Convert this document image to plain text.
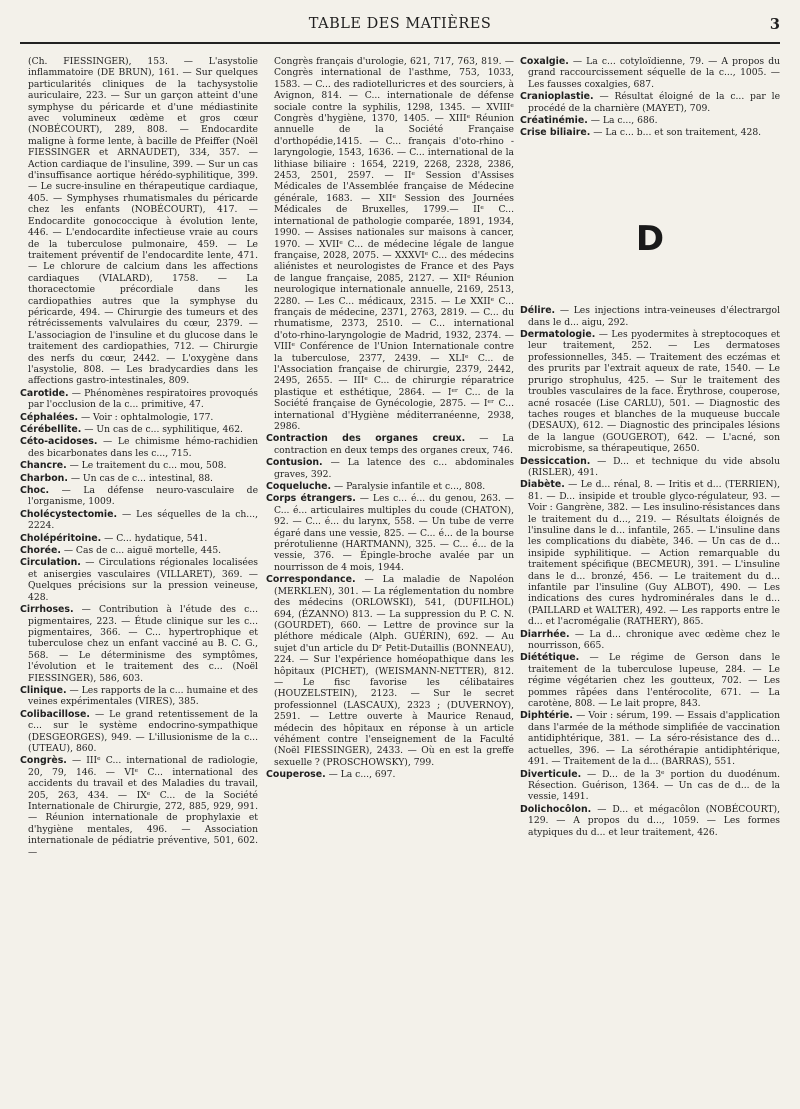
TABLE DES MATIÈRES	3
(Ch. FIESSINGER), 153. — L'asystolie inflammatoire (DE BRUN), 161. — Sur quelques particularités cliniques de la tachysystolie auriculaire, 223. — Sur un garçon atteint d'une symphyse du péricarde et d'une médiastinite avec volumineux œdème et gros cœur (NOBÉCOURT), 289, 808. — Endocardite maligne à forme lente, à bacille de Pfeiffer (Noël FIESSINGER et ARNAUDET), 334, 357. — Action cardiaque de l'insuline, 399. — Sur un cas d'insuffisance aortique hérédo-syphilitique, 399. — Le sucre-insuline en thérapeutique cardiaque, 405. — Symphyses rhumatismales du péricarde chez les enfants (NOBÉCOURT), 417. — Endocardite gonococcique à évolution lente, 446. — L'endocardite infectieuse vraie au cours de la tuberculose pulmonaire, 459. — Le traitement préventif de l'endocardite lente, 471. — Le chlorure de calcium dans les affections cardiaques (VIALARD), 1758. — La thoracectomie précordiale dans les cardiopathies autres que la symphyse du péricarde, 494. — Chirurgie des tumeurs et des rétrécissements valvulaires du cœur, 2379. — L'associagion de l'insuline et du glucose dans le traitement des cardiopathies, 712. — Chirurgie des nerfs du cœur, 2442. — L'oxygène dans l'asystolie, 808. — Les bradycardies dans les affections gastro-intestinales, 809.
Carotide. — Phénomènes respiratoires provoqués par l'occlusion de la c... primitive, 47.
Céphalées. — Voir : ophtalmologie, 177.
Cérébellite. — Un cas de c... syphilitique, 462.
Céto-acidoses. — Le chimisme hémo-rachidien des bicarbonates dans les c..., 715.
Chancre. — Le traitement du c... mou, 508.
Charbon. — Un cas de c... intestinal, 88.
Choc. — La défense neuro-vasculaire de l'organisme, 1009.
Cholécystectomie. — Les séquelles de la ch..., 2224.
Cholépéritoine. — C... hydatique, 541.
Chorée. — Cas de c... aiguë mortelle, 445.
Circulation. — Circulations régionales localisées et anisergies vasculaires (VILLARET), 369. — Quelques précisions sur la pression veineuse, 428.
Cirrhoses. — Contribution à l'étude des c... pigmentaires, 223. — Étude clinique sur les c... pigmentaires, 366. — C... hypertrophique et tuberculose chez un enfant vacciné au B. C. G., 568. — Le déterminisme des symptômes, l'évolution et le traitement des c... (Noël FIESSINGER), 586, 603.
Clinique. — Les rapports de la c... humaine et des veines expérimentales (VIRES), 385.
Colibacillose. — Le grand retentissement de la c... sur le système endocrino-sympathique (DESGEORGES), 949. — L'illusionisme de la c... (UTEAU), 860.
Congrès. — IIIᵉ C... international de radiologie, 20, 79, 146. — VIᵉ C... international des accidents du travail et des Maladies du travail, 205, 263, 434. — IXᵉ C... de la Société Internationale de Chirurgie, 272, 885, 929, 991. — Réunion internationale de prophylaxie et d'hygiène mentales, 496. — Association internationale de pédiatrie préventive, 501, 602. —
Congrès français d'urologie, 621, 717, 763, 819. — Congrès international de l'asthme, 753, 1033, 1583. — C... des radiotellurістes et des sourciers, à Avignon, 814. — C... internationale de défense sociale contre la syphilis, 1298, 1345. — XVIIIᵉ Congrès d'hygiène, 1370, 1405. — XIIIᵉ Réunion annuelle de la Société Française d'orthopédie,1415. — C... français d'oto-rhino - laryngologie, 1543, 1636. — C... international de la lithiase biliaire : 1654, 2219, 2268, 2328, 2386, 2453, 2501, 2597. — IIᵉ Session d'Assises Médicales de l'Assemblée française de Médecine générale, 1683. — XIIᵉ Session des Journées Médicales de Bruxelles, 1799.— IIᵉ C... international de pathologie comparée, 1891, 1934, 1990. — Assises nationales sur maisons à cancer, 1970. — XVIIᵉ C... de médecine légale de langue française, 2028, 2075. — XXXVIᵉ C... des médecins aliénistes et neurologistes de France et des Pays de langue française, 2085, 2127. — XIIᵉ Réunion neurologique internationale annuelle, 2169, 2513, 2280. — Les C... médicaux, 2315. — Le XXIIᵉ C... français de médecine, 2371, 2763, 2819. — C... du rhumatisme, 2373, 2510. — C... international d'oto-rhino-laryngologie de Madrid, 1932, 2374. — VIIIᵉ Conférence de l'Union Internationale contre la tuberculose, 2377, 2439. — XLIᵉ C... de l'Association française de chirurgie, 2379, 2442, 2495, 2655. — IIIᵉ C... de chirurgie réparatrice plastique et esthétique, 2864. — Iᵉʳ C... de la Société française de Gynécologie, 2875. — Iᵉʳ C... international d'Hygiène méditerranéenne, 2938, 2986.
Contraction des organes creux. — La contraction en deux temps des organes creux, 746.
Contusion. — La latence des c... abdominales graves, 392.
Coqueluche. — Paralysie infantile et c..., 808.
Corps étrangers. — Les c... é... du genou, 263. — C... é... articulaires multiples du coude (CHATON), 92. — C... é... du larynx, 558. — Un tube de verre égaré dans une vessie, 825. — C... é... de la bourse prérotulienne (HARTMANN), 325. — C... é... de la vessie, 376. — Épingle-broche avalée par un nourrisson de 4 mois, 1944.
Correspondance. — La maladie de Napoléon (MERKLEN), 301. — La réglementation du nombre des médecins (ORLOWSKI), 541, (DUFILHOL) 694, (ÉZANNO) 813. — La suppression du P. C. N. (GOURDET), 660. — Lettre de province sur la pléthore médicale (Alph. GUÉRIN), 692. — Au sujet d'un article du Dʳ Petit-Dutaillis (BONNEAU), 224. — Sur l'expérience homéopathique dans les hôpitaux (PICHET), (WEISMANN-NETTER), 812. — Le fisc favorise les célibataires (HOUZELSTEIN), 2123. — Sur le secret professionnel (LASCAUX), 2323 ; (DUVERNOY), 2591. — Lettre ouverte à Maurice Renaud, médecin des hôpitaux en réponse à un article véhément contre l'enseignement de la Faculté (Noël FIESSINGER), 2433. — Où en est la greffe sexuelle ? (PROSCHOWSKY), 799.
Couperose. — La c..., 697.
Coxalgie. — La c... cotyloïdienne, 79. — A propos du grand raccourcissement séquelle de la c..., 1005. — Les fausses coxalgies, 687.
Cranioplastie. — Résultat éloigné de la c... par le procédé de la charnière (MAYET), 709.
Créatinémie. — La c..., 686.
Crise biliaire. — La c... b... et son traitement, 428.
D
Délire. — Les injections intra-veineuses d'électrargol dans le d... aigu, 292.
Dermatologie. — Les pyodermites à streptocoques et leur traitement, 252. — Les dermatoses professionnelles, 345. — Traitement des eczémas et des prurits par l'extrait aqueux de rate, 1540. — Le prurigo strophulus, 425. — Sur le traitement des troubles vasculaires de la face. Érythrose, couperose, acné rosacée (Lise CARLU), 501. — Diagnostic des taches rouges et blanches de la muqueuse buccale (DESAUX), 612. — Diagnostic des principales lésions de la langue (GOUGEROT), 642. — L'acné, son microbisme, sa thérapeutique, 2650.
Dessiccation. — D... et technique du vide absolu (RISLER), 491.
Diabète. — Le d... rénal, 8. — Iritis et d... (TERRIEN), 81. — D... insipide et trouble glyco-régulateur, 93. — Voir : Gangrène, 382. — Les insulino-résistances dans le traitement du d..., 219. — Résultats éloignés de l'insuline dans le d... infantile, 265. — L'insuline dans les complications du diabète, 346. — Un cas de d... insipide syphilitique. — Action remarquable du traitement spécifique (BECMEUR), 391. — L'insuline dans le d... bronzé, 456. — Le traitement du d... infantile par l'insuline (Guy ALBOT), 490. — Les indications des cures hydrominérales dans le d... (PAILLARD et WALTER), 492. — Les rapports entre le d... et l'acromégalie (RATHERY), 865.
Diarrhée. — La d... chronique avec œdème chez le nourrisson, 665.
Diététique. — Le régime de Gerson dans le traitement de la tuberculose lupeuse, 284. — Le régime végétarien chez les goutteux, 702. — Les pommes râpées dans l'entérocolite, 671. — La carotène, 808. — Le lait propre, 843.
Diphtérie. — Voir : sérum, 199. — Essais d'application dans l'armée de la méthode simplifiée de vaccination antidiphtérique, 381. — La séro-résistance des d... actuelles, 396. — La sérothérapie antidiphtérique, 491. — Traitement de la d... (BARRAS), 551.
Diverticule. — D... de la 3ᵉ portion du duodénum. Résection. Guérison, 1364. — Un cas de d... de la vessie, 1491.
Dolichocôlon. — D... et mégacôlon (NOBÉCOURT), 129. — A propos du d..., 1059. — Les formes atypiques du d... et leur traitement, 426.
